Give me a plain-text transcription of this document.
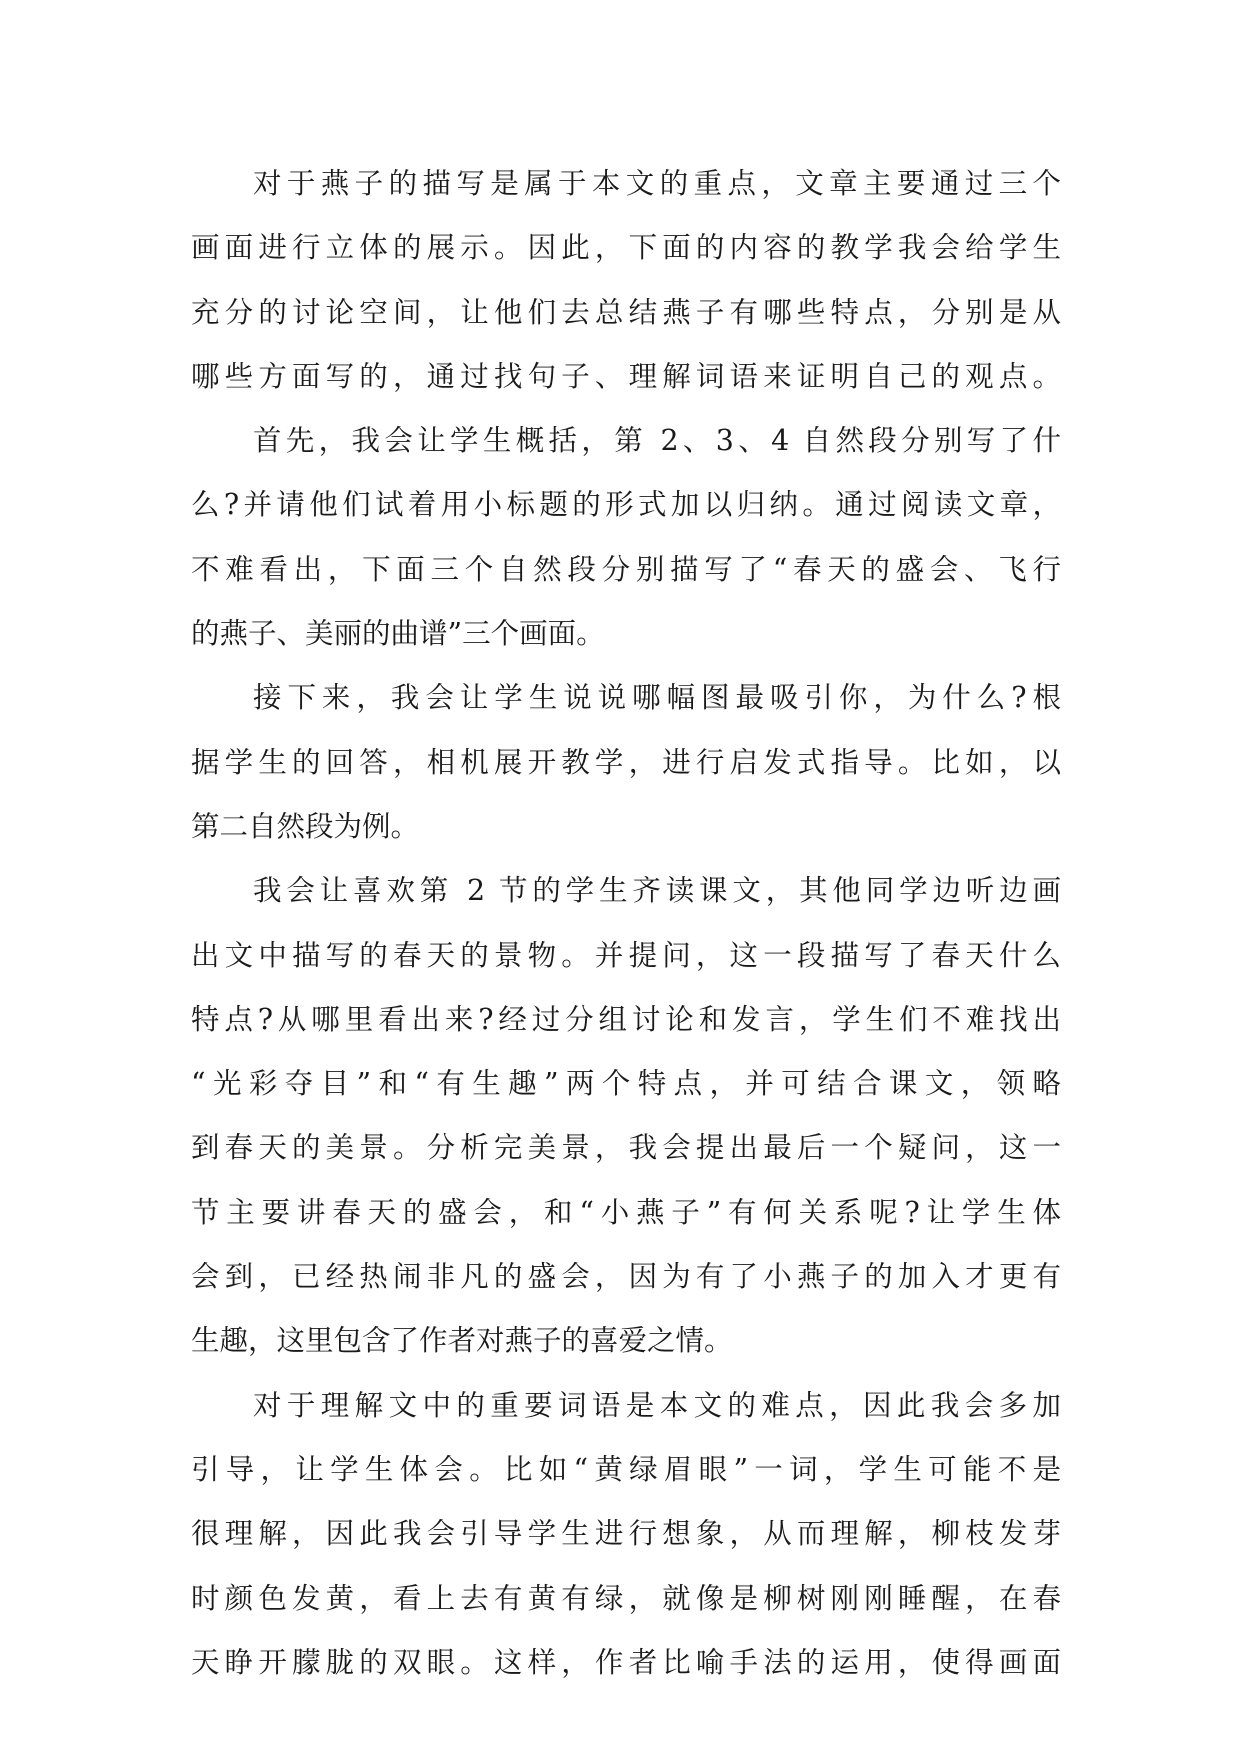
对于燕子的描写是属于本文的重点，文章主要通过三个
画面进行立体的展示。因此，下面的内容的教学我会给学生
充分的讨论空间，让他们去总结燕子有哪些特点，分别是从
哪些方面写的，通过找句子、理解词语来证明自己的观点。
首先，我会让学生概括，第 2、3、4 自然段分别写了什
么?并请他们试着用小标题的形式加以归纳。通过阅读文章，
不难看出，下面三个自然段分别描写了“春天的盛会、飞行
的燕子、美丽的曲谱”三个画面。
接下来，我会让学生说说哪幅图最吸引你，为什么?根
据学生的回答，相机展开教学，进行启发式指导。比如，以
第二自然段为例。
我会让喜欢第 2 节的学生齐读课文，其他同学边听边画
出文中描写的春天的景物。并提问，这一段描写了春天什么
特点?从哪里看出来?经过分组讨论和发言，学生们不难找出
“光彩夺目”和“有生趣”两个特点，并可结合课文，领略
到春天的美景。分析完美景，我会提出最后一个疑问，这一
节主要讲春天的盛会，和“小燕子”有何关系呢?让学生体
会到，已经热闹非凡的盛会，因为有了小燕子的加入才更有
生趣，这里包含了作者对燕子的喜爱之情。
对于理解文中的重要词语是本文的难点，因此我会多加
引导，让学生体会。比如“黄绿眉眼”一词，学生可能不是
很理解，因此我会引导学生进行想象，从而理解，柳枝发芽
时颜色发黄，看上去有黄有绿，就像是柳树刚刚睡醒，在春
天睁开朦胧的双眼。这样，作者比喻手法的运用，使得画面
